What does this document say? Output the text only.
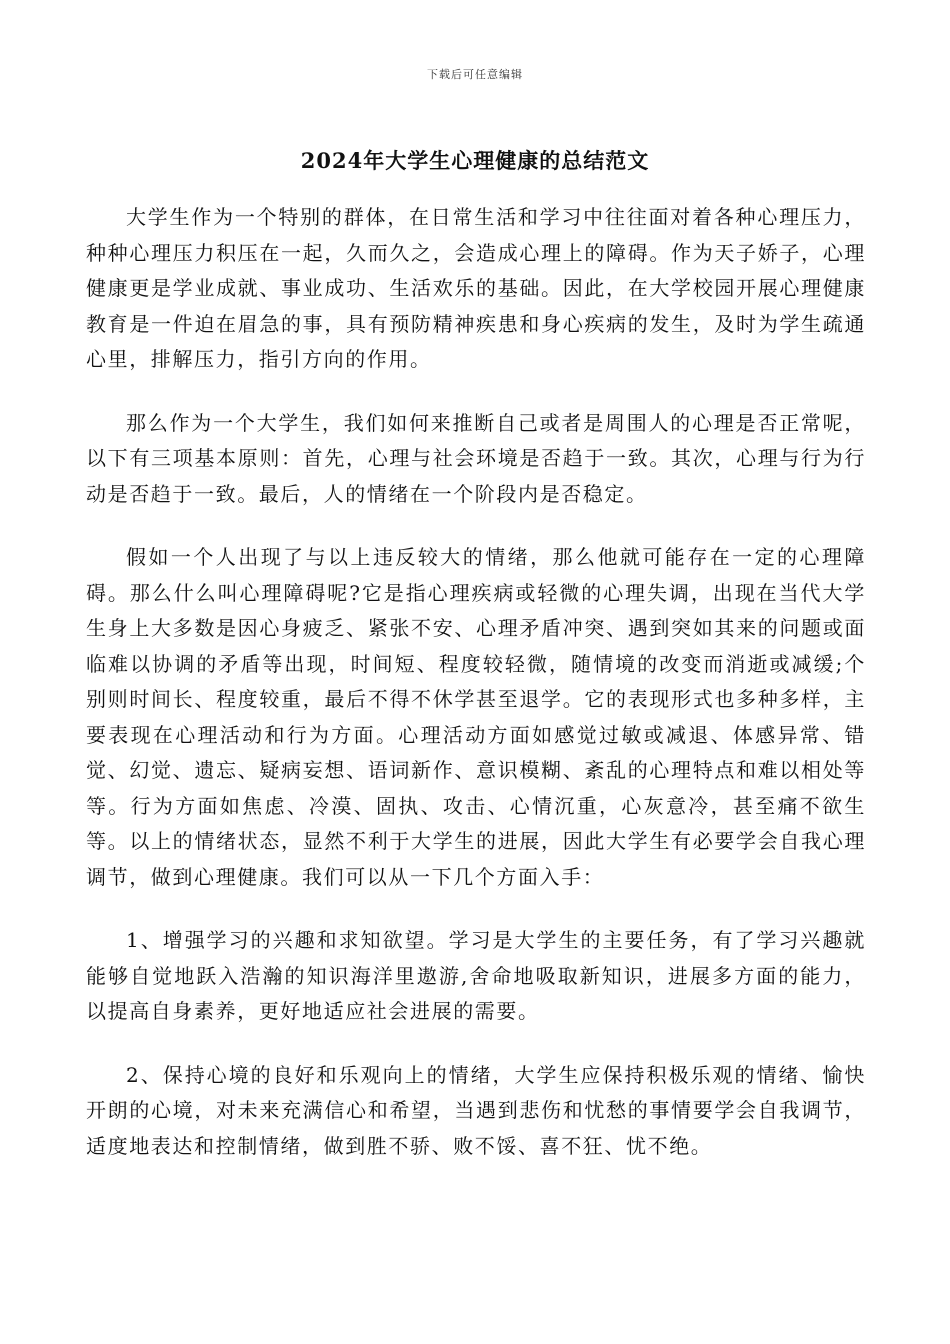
下载后可任意编辑
2024年大学生心理健康的总结范文

大学生作为一个特别的群体，在日常生活和学习中往往面对着各种心理压力，种种心理压力积压在一起，久而久之，会造成心理上的障碍。作为天子娇子，心理健康更是学业成就、事业成功、生活欢乐的基础。因此，在大学校园开展心理健康教育是一件迫在眉急的事，具有预防精神疾患和身心疾病的发生，及时为学生疏通心里，排解压力，指引方向的作用。

那么作为一个大学生，我们如何来推断自己或者是周围人的心理是否正常呢，以下有三项基本原则：首先，心理与社会环境是否趋于一致。其次，心理与行为行动是否趋于一致。最后，人的情绪在一个阶段内是否稳定。

假如一个人出现了与以上违反较大的情绪，那么他就可能存在一定的心理障碍。那么什么叫心理障碍呢?它是指心理疾病或轻微的心理失调，出现在当代大学生身上大多数是因心身疲乏、紧张不安、心理矛盾冲突、遇到突如其来的问题或面临难以协调的矛盾等出现，时间短、程度较轻微，随情境的改变而消逝或减缓;个别则时间长、程度较重，最后不得不休学甚至退学。它的表现形式也多种多样，主要表现在心理活动和行为方面。心理活动方面如感觉过敏或减退、体感异常、错觉、幻觉、遗忘、疑病妄想、语词新作、意识模糊、紊乱的心理特点和难以相处等等。行为方面如焦虑、冷漠、固执、攻击、心情沉重，心灰意冷，甚至痛不欲生等。以上的情绪状态，显然不利于大学生的进展，因此大学生有必要学会自我心理调节，做到心理健康。我们可以从一下几个方面入手：

1、增强学习的兴趣和求知欲望。学习是大学生的主要任务，有了学习兴趣就能够自觉地跃入浩瀚的知识海洋里遨游,舍命地吸取新知识，进展多方面的能力，以提高自身素养，更好地适应社会进展的需要。

2、保持心境的良好和乐观向上的情绪，大学生应保持积极乐观的情绪、愉快开朗的心境，对未来充满信心和希望，当遇到悲伤和忧愁的事情要学会自我调节，适度地表达和控制情绪，做到胜不骄、败不馁、喜不狂、忧不绝。
